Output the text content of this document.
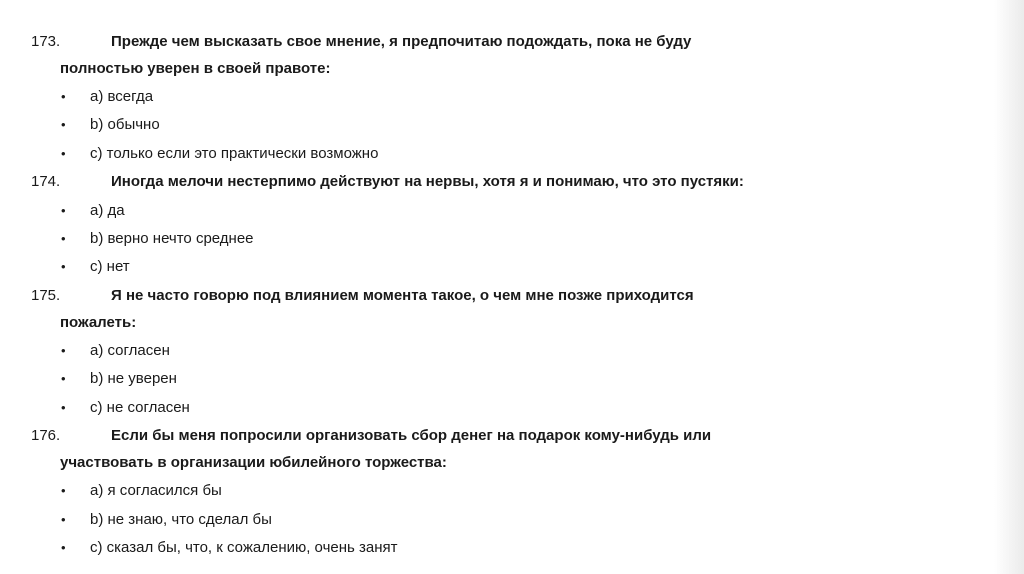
173.	Прежде чем высказать свое мнение, я предпочитаю подождать, пока не буду
полностью уверен в своей правоте:
• a) всегда
• b) обычно
• c) только если это практически возможно
174.	Иногда мелочи нестерпимо действуют на нервы, хотя я и понимаю, что это пустяки:
• a) да
• b) верно нечто среднее
• c) нет
175.	Я не часто говорю под влиянием момента такое, о чем мне позже приходится
пожалеть:
• a) согласен
• b) не уверен
• c) не согласен
176.	Если бы меня попросили организовать сбор денег на подарок кому-нибудь или
участвовать в организации юбилейного торжества:
• a) я согласился бы
• b) не знаю, что сделал бы
• c) сказал бы, что, к сожалению, очень занят
